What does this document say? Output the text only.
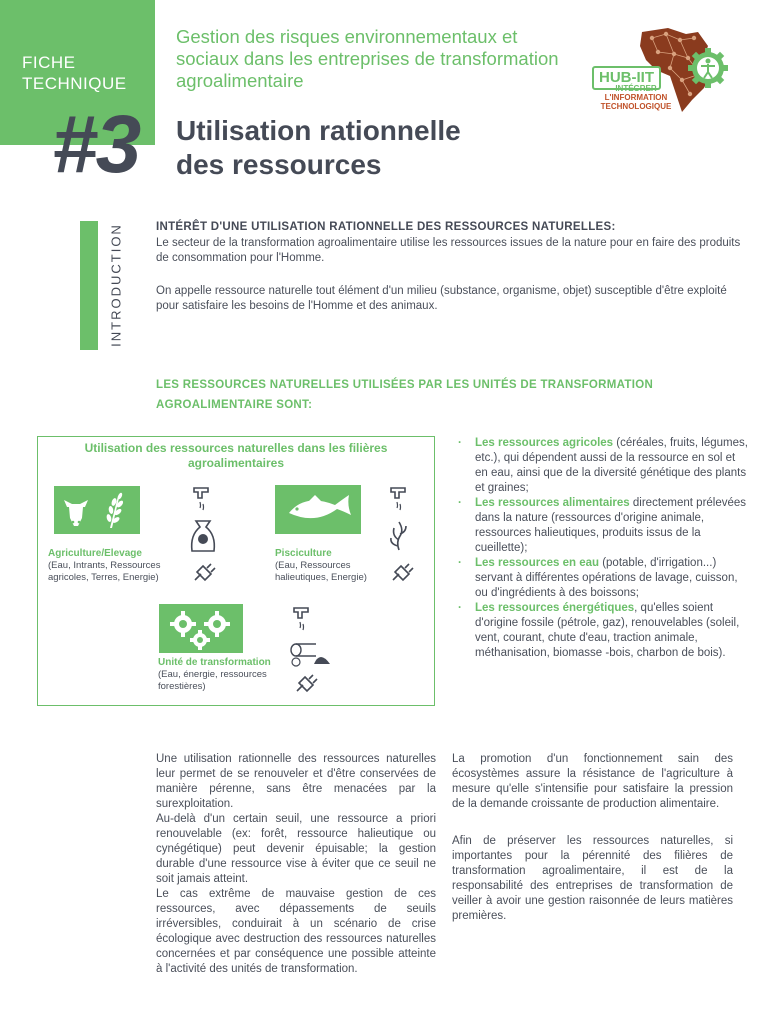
FICHE
TECHNIQUE
#3
Gestion des risques environnementaux et sociaux dans les entreprises de transformation agroalimentaire
Utilisation rationnelle
des ressources
HUB-IIT
INTÉGRER
L'INFORMATION
TECHNOLOGIQUE
INTRODUCTION	INTÉRÊT D'UNE UTILISATION RATIONNELLE DES RESSOURCES NATURELLES:
Le secteur de la transformation agroalimentaire utilise les ressources issues de la nature pour en faire des produits de consommation pour l'Homme.
On appelle ressource naturelle tout élément d'un milieu (substance, organisme, objet) susceptible d'être exploité pour satisfaire les besoins de l'Homme et des animaux.
LES RESSOURCES NATURELLES UTILISÉES PAR LES UNITÉS DE TRANSFORMATION
AGROALIMENTAIRE SONT:
Utilisation des ressources naturelles dans les filières agroalimentaires
Agriculture/Elevage
(Eau, Intrants, Ressources agricoles, Terres, Energie)
Pisciculture
(Eau, Ressources halieutiques, Energie)
Unité de transformation
(Eau, énergie, ressources forestières)
· Les ressources agricoles (céréales, fruits, légumes, etc.), qui dépendent aussi de la ressource en sol et en eau, ainsi que de la diversité génétique des plants et graines;
· Les ressources alimentaires directement prélevées dans la nature (ressources d'origine animale, ressources halieutiques, produits issus de la cueillette);
· Les ressources en eau (potable, d'irrigation...) servant à différentes opérations de lavage, cuisson, ou d'ingrédients à des boissons;
· Les ressources énergétiques, qu'elles soient d'origine fossile (pétrole, gaz), renouvelables (soleil, vent, courant, chute d'eau, traction animale, méthanisation, biomasse -bois, charbon de bois).

Une utilisation rationnelle des ressources naturelles leur permet de se renouveler et d'être conservées de manière pérenne, sans être menacées par la surexploitation.

Au-delà d'un certain seuil, une ressource a priori renouvelable (ex: forêt, ressource halieutique ou cynégétique) peut devenir épuisable; la gestion durable d'une ressource vise à éviter que ce seuil ne soit jamais atteint.

Le cas extrême de mauvaise gestion de ces ressources, avec dépassements de seuils irréversibles, conduirait à un scénario de crise écologique avec destruction des ressources naturelles concernées et par conséquence une possible atteinte à l'activité des unités de transformation.

La promotion d'un fonctionnement sain des écosystèmes assure la résistance de l'agriculture à mesure qu'elle s'intensifie pour satisfaire la pression de la demande croissante de production alimentaire.

Afin de préserver les ressources naturelles, si importantes pour la pérennité des filières de transformation agroalimentaire, il est de la responsabilité des entreprises de transformation de veiller à avoir une gestion raisonnée de leurs matières premières.
